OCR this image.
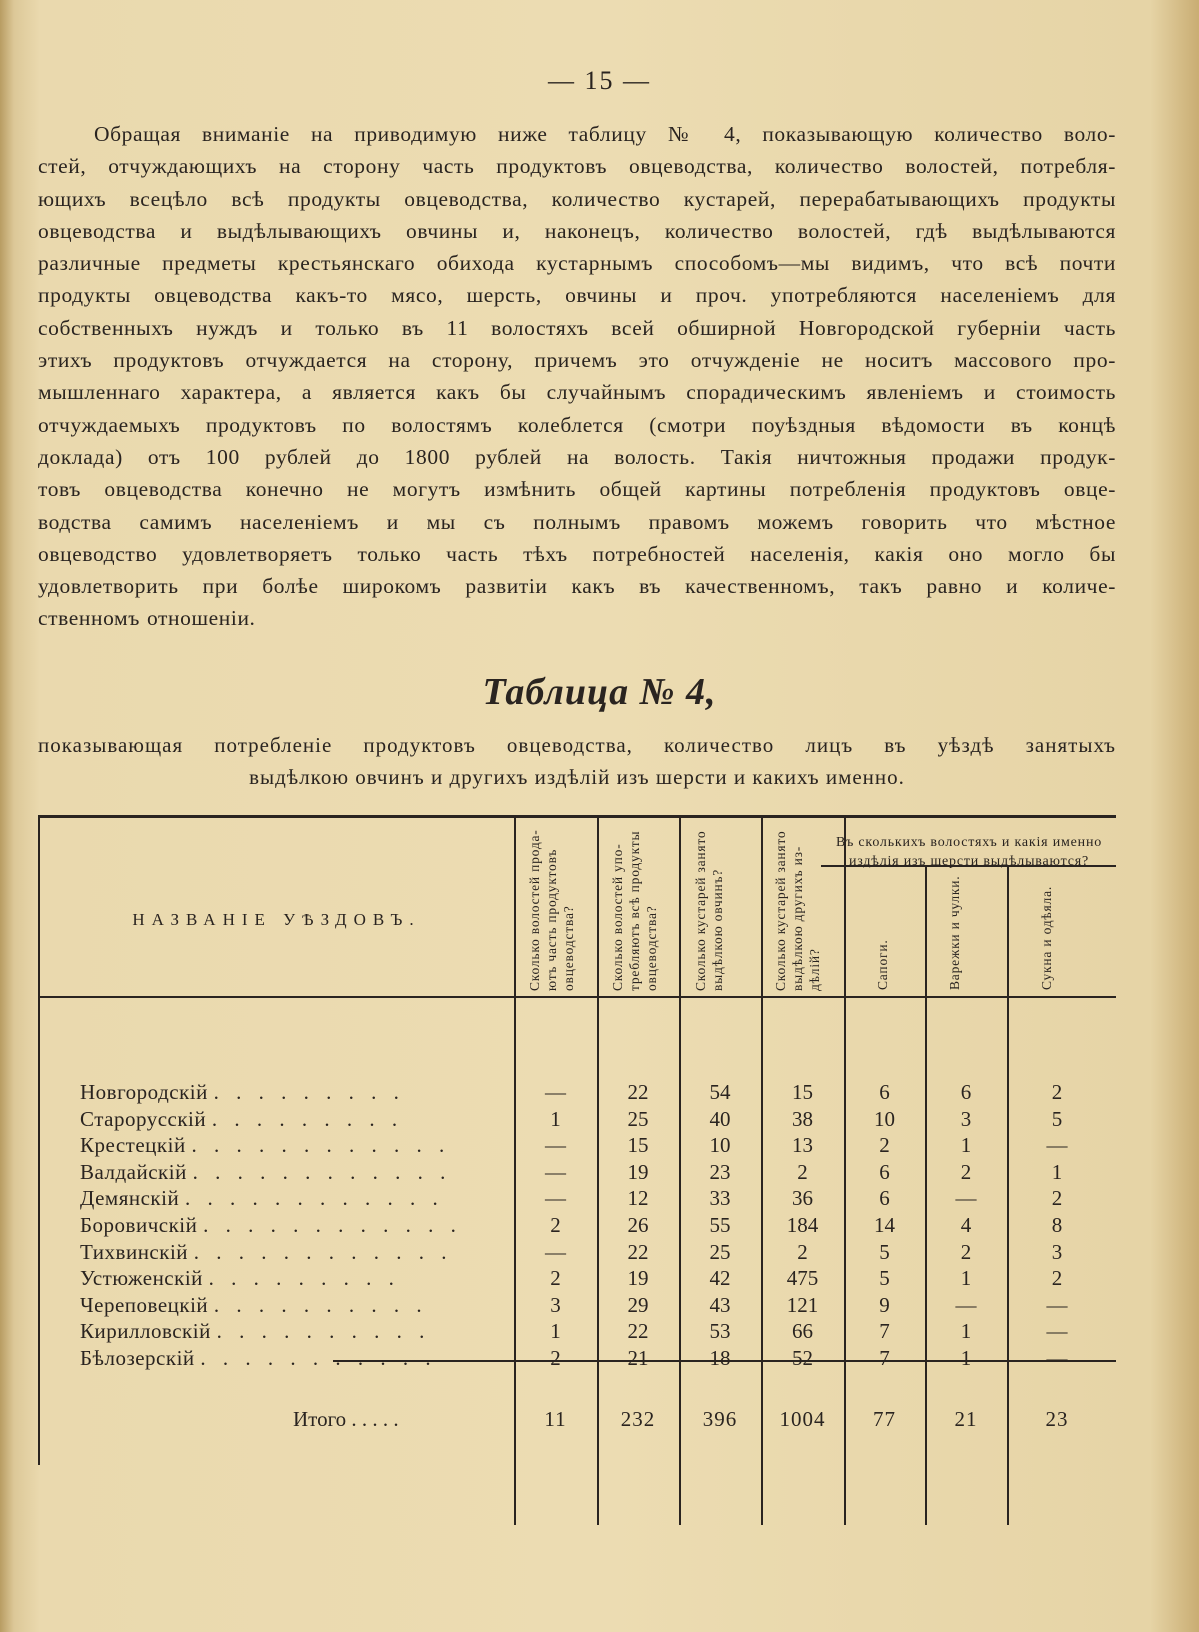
— 15 —
Обращая вниманіе на приводимую ниже таблицу № 4, показывающую количество воло-
стей, отчуждающихъ на сторону часть продуктовъ овцеводства, количество волостей, потребля-
ющихъ всецѣло всѣ продукты овцеводства, количество кустарей, перерабатывающихъ продукты
овцеводства и выдѣлывающихъ овчины и, наконецъ, количество волостей, гдѣ выдѣлываются
различные предметы крестьянскаго обихода кустарнымъ способомъ—мы видимъ, что всѣ почти
продукты овцеводства какъ-то мясо, шерсть, овчины и проч. употребляются населеніемъ для
собственныхъ нуждъ и только въ 11 волостяхъ всей обширной Новгородской губерніи часть
этихъ продуктовъ отчуждается на сторону, причемъ это отчужденіе не носитъ массового про-
мышленнаго характера, а является какъ бы случайнымъ спорадическимъ явленіемъ и стоимость
отчуждаемыхъ продуктовъ по волостямъ колеблется (смотри поуѣздныя вѣдомости въ концѣ
доклада) отъ 100 рублей до 1800 рублей на волость. Такія ничтожныя продажи продук-
товъ овцеводства конечно не могутъ измѣнить общей картины потребленія продуктовъ овце-
водства самимъ населеніемъ и мы съ полнымъ правомъ можемъ говорить что мѣстное
овцеводство удовлетворяетъ только часть тѣхъ потребностей населенія, какія оно могло бы
удовлетворить при болѣе широкомъ развитіи какъ въ качественномъ, такъ равно и количе-
ственномъ отношеніи.
Таблица № 4,
показывающая потребленіе продуктовъ овцеводства, количество лицъ въ уѣздѣ занятыхъ
выдѣлкою овчинъ и другихъ издѣлій изъ шерсти и какихъ именно.
НАЗВАНІЕ УѢЗДОВЪ.	Сколько волостей прода-ютъ часть продуктовъ овцеводства?	Сколько волостей упо-требляютъ всѣ продукты овцеводства?	Сколько кустарей занято выдѣлкою овчинъ?	Сколько кустарей занято выдѣлкою другихъ из-дѣлій?
Въ сколькихъ волостяхъ и какія именно издѣлія изъ шерсти выдѣлываются?
Сапоги.	Варежки и чулки.	Сукна и одѣяла.
Новгородскій . . . . . . . . .	—	22	54	15	6	6	2
Старорусскій . . . . . . . . .	1	25	40	38	10	3	5
Крестецкій . . . . . . . . . . . .	—	15	10	13	2	1	—
Валдайскій . . . . . . . . . . . .	—	19	23	2	6	2	1
Демянскій . . . . . . . . . . . .	—	12	33	36	6	—	2
Боровичскій . . . . . . . . . . . .	2	26	55	184	14	4	8
Тихвинскій . . . . . . . . . . . .	—	22	25	2	5	2	3
Устюженскій . . . . . . . . .	2	19	42	475	5	1	2
Череповецкій . . . . . . . . . .	3	29	43	121	9	—	—
Кирилловскій . . . . . . . . . .	1	22	53	66	7	1	—
Бѣлозерскій . . . . . . . . . . .	2	21	18	52	7	1	—
Итого . . . . .	11	232	396	1004	77	21	23
